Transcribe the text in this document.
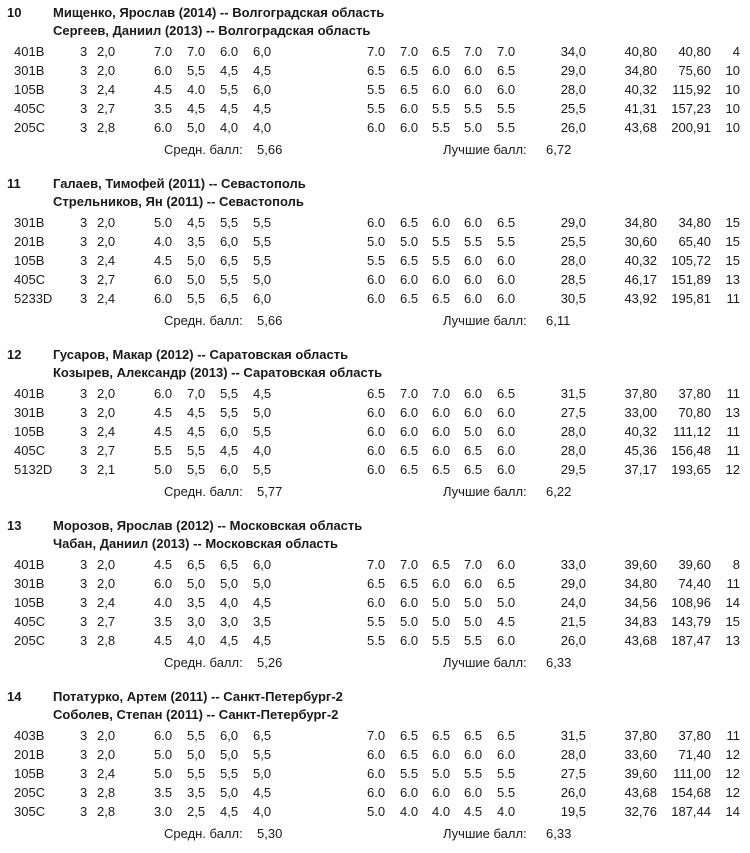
10 Мищенко, Ярослав (2014) -- Волгоградская область
Сергеев, Даниил (2013) -- Волгоградская область
401B	3 2,0	7.0 7.0 6.0 6,0	7.0 7.0 6.5 7.0 7.0	34,0	40,80 40,80 4
301B	3 2,0	6.0 5,5 4,5 4,5	6.5 6.5 6.0 6.0 6.5	29,0	34,80 75,60 10
105B	3 2,4	4.5 4.0 5,5 6,0	5.5 6.5 6.0 6.0 6.0	28,0	40,32 115,92 10
405C	3 2,7	3.5 4,5 4,5 4,5	5.5 6.0 5.5 5.5 5.5	25,5	41,31 157,23 10
205C	3 2,8	6.0 5,0 4,0 4,0	6.0 6.0 5.5 5.0 5.5	26,0	43,68 200,91 10
Средн. балл: 5,66	Лучшие балл: 6,72
11 Галаев, Тимофей (2011) -- Севастополь
Стрельников, Ян (2011) -- Севастополь
301B	3 2,0	5.0 4,5 5,5 5,5	6.0 6.5 6.0 6.0 6.5	29,0	34,80 34,80 15
201B	3 2,0	4.0 3,5 6,0 5,5	5.0 5.0 5.5 5.5 5.5	25,5	30,60 65,40 15
105B	3 2,4	4.5 5,0 6,5 5,5	5.5 6.5 5.5 6.0 6.0	28,0	40,32 105,72 15
405C	3 2,7	6.0 5,0 5,5 5,0	6.0 6.0 6.0 6.0 6.0	28,5	46,17 151,89 13
5233D 3 2,4	6.0 5,5 6,5 6,0	6.0 6.5 6.5 6.0 6.0	30,5	43,92 195,81 11
Средн. балл: 5,66	Лучшие балл: 6,11
12 Гусаров, Макар (2012) -- Саратовская область
Козырев, Александр (2013) -- Саратовская область
401B	3 2,0	6.0 7,0 5,5 4,5	6.5 7.0 7.0 6.0 6.5	31,5	37,80 37,80 11
301B	3 2,0	4.5 4,5 5,5 5,0	6.0 6.0 6.0 6.0 6.0	27,5	33,00 70,80 13
105B	3 2,4	4.5 4,5 6,0 5,5	6.0 6.0 6.0 5.0 6.0	28,0	40,32 111,12 11
405C	3 2,7	5.5 5,5 4,5 4,0	6.0 6.5 6.0 6.5 6.0	28,0	45,36 156,48 11
5132D 3 2,1	5.0 5,5 6,0 5,5	6.0 6.5 6.5 6.5 6.0	29,5	37,17 193,65 12
Средн. балл: 5,77	Лучшие балл: 6,22
13 Морозов, Ярослав (2012) -- Московская область
Чабан, Даниил (2013) -- Московская область
401B	3 2,0	4.5 6,5 6,5 6,0	7.0 7.0 6.5 7.0 6.0	33,0	39,60 39,60 8
301B	3 2,0	6.0 5,0 5,0 5,0	6.5 6.5 6.0 6.0 6.5	29,0	34,80 74,40 11
105B	3 2,4	4.0 3,5 4,0 4,5	6.0 6.0 5.0 5.0 5.0	24,0	34,56 108,96 14
405C	3 2,7	3.5 3,0 3,0 3,5	5.5 5.0 5.0 5.0 4.5	21,5	34,83 143,79 15
205C	3 2,8	4.5 4,0 4,5 4,5	5.5 6.0 5.5 5.5 6.0	26,0	43,68 187,47 13
Средн. балл: 5,26	Лучшие балл: 6,33
14 Потатурко, Артем (2011) -- Санкт-Петербург-2
Соболев, Степан (2011) -- Санкт-Петербург-2
403B	3 2,0	6.0 5,5 6,0 6,5	7.0 6.5 6.5 6.5 6.5	31,5	37,80 37,80 11
201B	3 2,0	5.0 5,0 5,0 5,5	6.0 6.5 6.0 6.0 6.0	28,0	33,60 71,40 12
105B	3 2,4	5.0 5,5 5,5 5,0	6.0 5.5 5.0 5.5 5.5	27,5	39,60 111,00 12
205C	3 2,8	3.5 3,5 5,0 4,5	6.0 6.0 6.0 6.0 5.5	26,0	43,68 154,68 12
305C	3 2,8	3.0 2,5 4,5 4,0	5.0 4.0 4.0 4.5 4.0	19,5	32,76 187,44 14
Средн. балл: 5,30	Лучшие балл: 6,33
